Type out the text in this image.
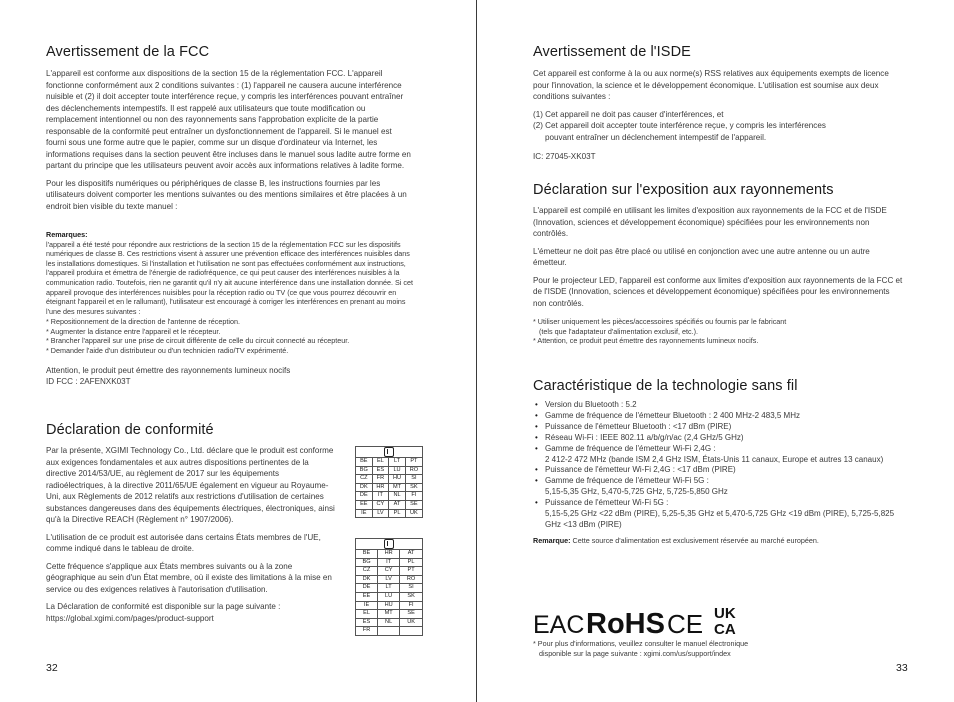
Avertissement de la FCC

L'appareil est conforme aux dispositions de la section 15 de la réglementation FCC. L'appareil fonctionne conformément aux 2 conditions suivantes : (1) l'appareil ne causera aucune interférence nuisible et (2) il doit accepter toute interférence reçue, y compris les interférences pouvant entraîner des déclenchements intempestifs. Il est rappelé aux utilisateurs que toute modification ou remplacement intentionnel ou non des rayonnements sans l'approbation explicite de la partie responsable de la conformité peut entraîner un dysfonctionnement de l'appareil. Si le manuel est fourni sous une forme autre que le papier, comme sur un disque d'ordinateur via Internet, les informations requises dans la section peuvent être incluses dans le manuel sous ladite autre forme en partant du principe que les utilisateurs peuvent avoir accès aux informations relatives à ladite forme.

Pour les dispositifs numériques ou périphériques de classe B, les instructions fournies par les utilisateurs doivent comporter les mentions suivantes ou des mentions similaires et être placées à un endroit bien visible du texte manuel :

Remarques:

l'appareil a été testé pour répondre aux restrictions de la section 15 de la réglementation FCC sur les dispositifs numériques de classe B. Ces restrictions visent à assurer une prévention efficace des interférences nuisibles dans les installations domestiques. Si l'installation et l'utilisation ne sont pas effectuées conformément aux instructions, l'appareil produira et émettra de l'énergie de radiofréquence, ce qui peut causer des interférences nuisibles à la communication radio. Toutefois, rien ne garantit qu'il n'y ait aucune interférence dans une installation donnée. Si cet appareil provoque des interférences nuisibles pour la réception radio ou TV (ce que vous pourrez découvrir en éteignant l'appareil et en le rallumant), l'utilisateur est encouragé à corriger les interférences en prenant au moins l'une des mesures suivantes :

* Repositionnement de la direction de l'antenne de réception.

* Augmenter la distance entre l'appareil et le récepteur.

* Brancher l'appareil sur une prise de circuit différente de celle du circuit connecté au récepteur.

* Demander l'aide d'un distributeur ou d'un technicien radio/TV expérimenté.

Attention, le produit peut émettre des rayonnements lumineux nocifs

ID FCC : 2AFENXK03T

Déclaration de conformité

Par la présente, XGIMI Technology Co., Ltd. déclare que le produit est conforme aux exigences fondamentales et aux autres dispositions pertinentes de la directive 2014/53/UE, au règlement de 2017 sur les équipements radioélectriques, à la directive 2011/65/UE également en vigueur au Royaume-Uni, aux Règlements de 2012 relatifs aux restrictions d'utilisation de certaines substances dangereuses dans des équipements électriques, électroniques, ainsi qu'à la Directive REACH (Règlement n° 1907/2006).

L'utilisation de ce produit est autorisée dans certains États membres de l'UE, comme indiqué dans le tableau de droite.

Cette fréquence s'applique aux États membres suivants ou à la zone géographique au sein d'un État membre, où il existe des limitations à la mise en service ou des exigences relatives à l'autorisation d'utilisation.

La Déclaration de conformité est disponible sur la page suivante :
https://global.xgimi.com/pages/product-support

BE	EL	LT	PT
BG	ES	LU	RO
CZ	FR	HU	SI
DK	HR	MT	SK
DE	IT	NL	FI
EE	CY	AT	SE
IE	LV	PL	UK

BE	HR	AT
BG	IT	PL
CZ	CY	PT
DK	LV	RO
DE	LT	SI
EE	LU	SK
IE	HU	FI
EL	MT	SE
ES	NL	UK
FR		
32
Avertissement de l'ISDE

Cet appareil est conforme à la ou aux norme(s) RSS relatives aux équipements exempts de licence pour l'innovation, la science et le développement économique. L'utilisation est soumise aux deux conditions suivantes :

(1) Cet appareil ne doit pas causer d'interférences, et
(2) Cet appareil doit accepter toute interférence reçue, y compris les interférences
pouvant entraîner un déclenchement intempestif de l'appareil.

IC: 27045-XK03T

Déclaration sur l'exposition aux rayonnements

L'appareil est compilé en utilisant les limites d'exposition aux rayonnements de la FCC et de l'ISDE (Innovation, sciences et développement économique) spécifiées pour les environnements non contrôlés.

L'émetteur ne doit pas être placé ou utilisé en conjonction avec une autre antenne ou un autre émetteur.

Pour le projecteur LED, l'appareil est conforme aux limites d'exposition aux rayonnements de la FCC et de l'ISDE (Innovation, sciences et développement économique) spécifiées pour les environnements non contrôlés.

* Utiliser uniquement les pièces/accessoires spécifiés ou fournis par le fabricant
(tels que l'adaptateur d'alimentation exclusif, etc.).
* Attention, ce produit peut émettre des rayonnements lumineux nocifs.

Caractéristique de la technologie sans fil
• Version du Bluetooth : 5.2
• Gamme de fréquence de l'émetteur Bluetooth : 2 400 MHz-2 483,5 MHz
• Puissance de l'émetteur Bluetooth : <17 dBm (PIRE)
• Réseau Wi-Fi : IEEE 802.11 a/b/g/n/ac (2,4 GHz/5 GHz)
• Gamme de fréquence de l'émetteur Wi-Fi 2,4G :
2 412-2 472 MHz (bande ISM 2,4 GHz ISM, États-Unis 11 canaux, Europe et autres 13 canaux)
• Puissance de l'émetteur Wi-Fi 2,4G : <17 dBm (PIRE)
• Gamme de fréquence de l'émetteur Wi-Fi 5G :
5,15-5,35 GHz, 5,470-5,725 GHz, 5,725-5,850 GHz
• Puissance de l'émetteur Wi-Fi 5G :
5,15-5,25 GHz <22 dBm (PIRE), 5,25-5,35 GHz et 5,470-5,725 GHz <19 dBm (PIRE), 5,725-5,825 GHz <13 dBm (PIRE)

Remarque: Cette source d'alimentation est exclusivement réservée au marché européen.

EAC RoHS CE UK
CA

* Pour plus d'informations, veuillez consulter le manuel électronique
disponible sur la page suivante : xgimi.com/us/support/index

33
